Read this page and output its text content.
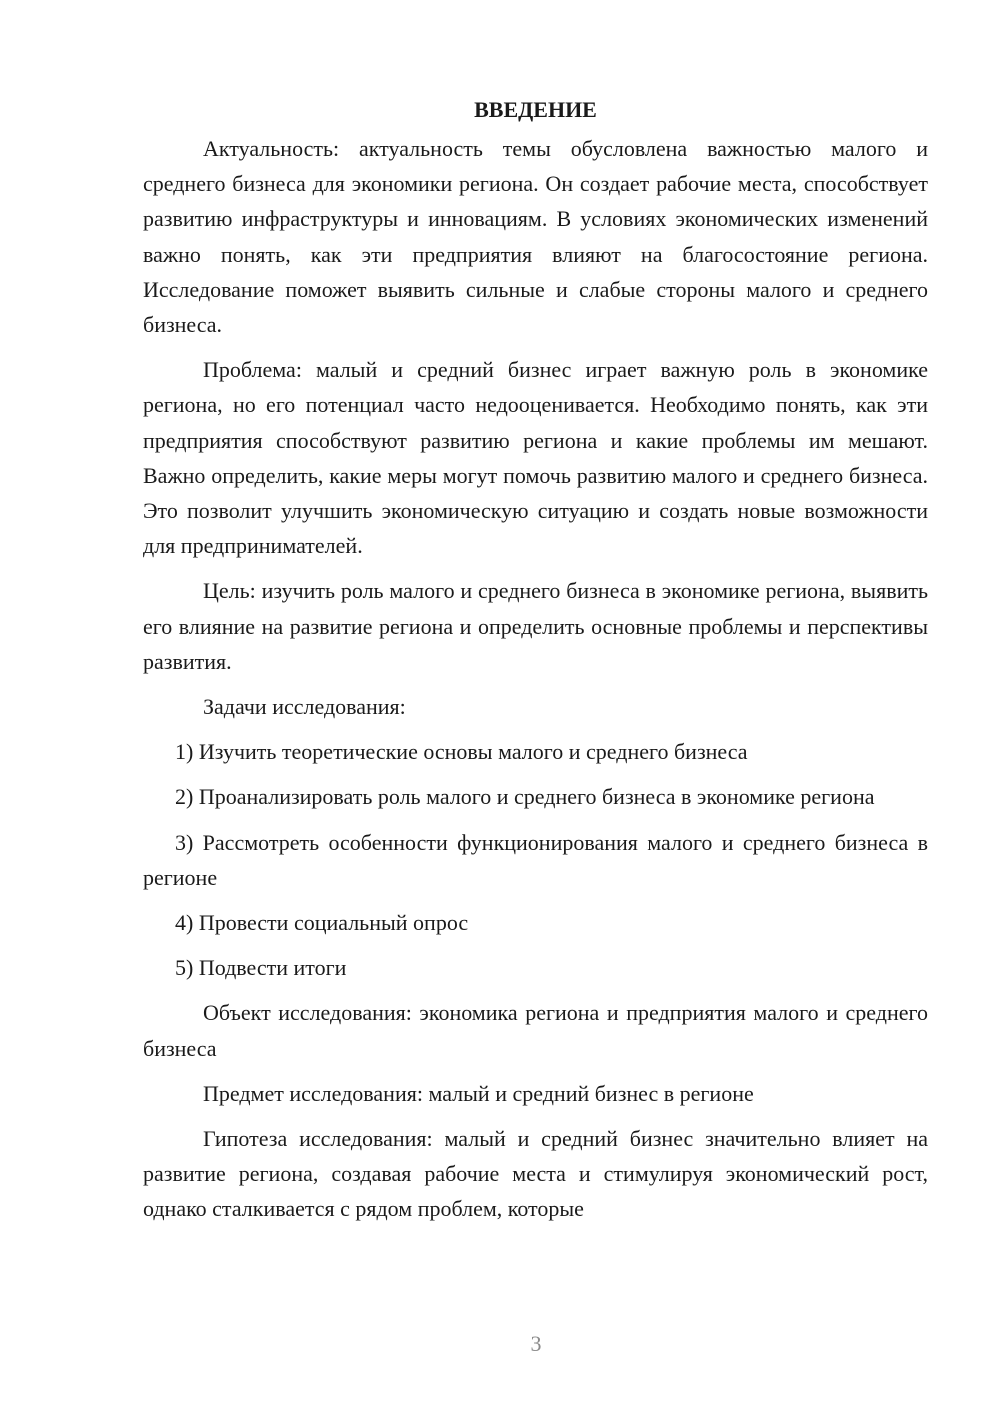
ВВЕДЕНИЕ

Актуальность: актуальность темы обусловлена важностью малого и среднего бизнеса для экономики региона. Он создает рабочие места, способствует развитию инфраструктуры и инновациям. В условиях экономических изменений важно понять, как эти предприятия влияют на благосостояние региона. Исследование поможет выявить сильные и слабые стороны малого и среднего бизнеса.

Проблема: малый и средний бизнес играет важную роль в экономике региона, но его потенциал часто недооценивается. Необходимо понять, как эти предприятия способствуют развитию региона и какие проблемы им мешают. Важно определить, какие меры могут помочь развитию малого и среднего бизнеса. Это позволит улучшить экономическую ситуацию и создать новые возможности для предпринимателей.

Цель: изучить роль малого и среднего бизнеса в экономике региона, выявить его влияние на развитие региона и определить основные проблемы и перспективы развития.

Задачи исследования:

1) Изучить теоретические основы малого и среднего бизнеса

2) Проанализировать роль малого и среднего бизнеса в экономике региона

3) Рассмотреть особенности функционирования малого и среднего бизнеса в регионе

4) Провести социальный опрос

5) Подвести итоги

Объект исследования: экономика региона и предприятия малого и среднего бизнеса

Предмет исследования: малый и средний бизнес в регионе

Гипотеза исследования: малый и средний бизнес значительно влияет на развитие региона, создавая рабочие места и стимулируя экономический рост, однако сталкивается с рядом проблем, которые

3
